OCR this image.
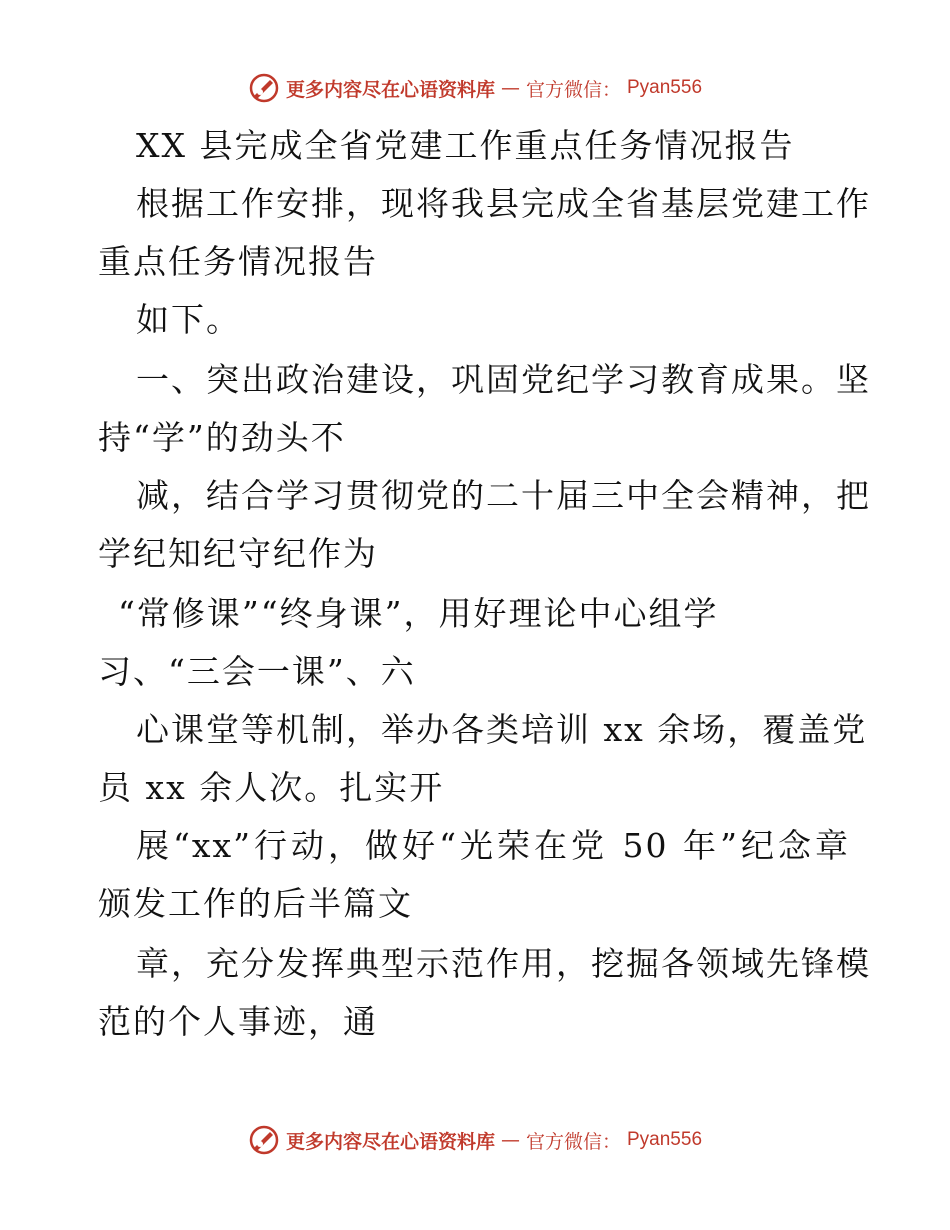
更多内容尽在心语资料库 — 官方微信： Pyan556
XX 县完成全省党建工作重点任务情况报告
根据工作安排，现将我县完成全省基层党建工作
重点任务情况报告
如下。
一、突出政治建设，巩固党纪学习教育成果。坚
持“学”的劲头不
减，结合学习贯彻党的二十届三中全会精神，把
学纪知纪守纪作为
“常修课”“终身课”，用好理论中心组学
习、“三会一课”、六
心课堂等机制，举办各类培训 xx 余场，覆盖党
员 xx 余人次。扎实开
展“xx”行动，做好“光荣在党 50 年”纪念章
颁发工作的后半篇文
章，充分发挥典型示范作用，挖掘各领域先锋模
范的个人事迹，通
更多内容尽在心语资料库 — 官方微信： Pyan556
